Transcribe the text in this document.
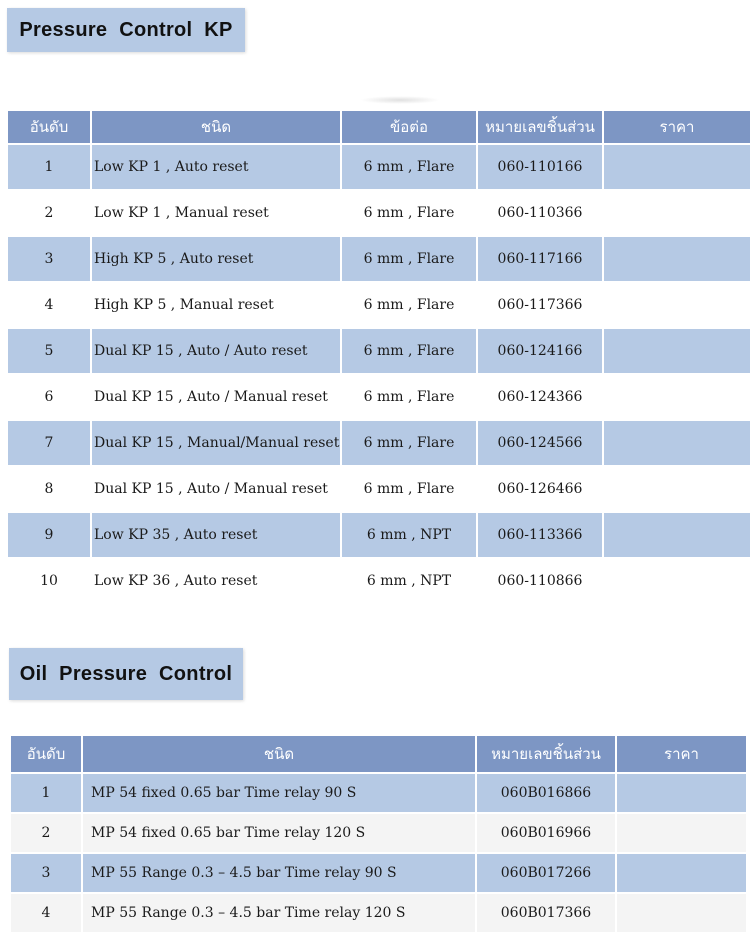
Pressure Control KP
อันดับ	ชนิด	ข้อต่อ	หมายเลขชิ้นส่วน	ราคา
1	Low KP 1 , Auto reset	6 mm , Flare	060-110166	
2	Low KP 1 , Manual reset	6 mm , Flare	060-110366	
3	High KP 5 , Auto reset	6 mm , Flare	060-117166	
4	High KP 5 , Manual reset	6 mm , Flare	060-117366	
5	Dual KP 15 , Auto / Auto reset	6 mm , Flare	060-124166	
6	Dual KP 15 , Auto / Manual reset	6 mm , Flare	060-124366	
7	Dual KP 15 , Manual/Manual reset	6 mm , Flare	060-124566	
8	Dual KP 15 , Auto / Manual reset	6 mm , Flare	060-126466	
9	Low KP 35 , Auto reset	6 mm , NPT	060-113366	
10	Low KP 36 , Auto reset	6 mm , NPT	060-110866	
Oil Pressure Control
อันดับ	ชนิด	หมายเลขชิ้นส่วน	ราคา
1	MP 54 fixed 0.65 bar Time relay 90 S	060B016866	
2	MP 54 fixed 0.65 bar Time relay 120 S	060B016966	
3	MP 55 Range 0.3 – 4.5 bar Time relay 90 S	060B017266	
4	MP 55 Range 0.3 – 4.5 bar Time relay 120 S	060B017366	
